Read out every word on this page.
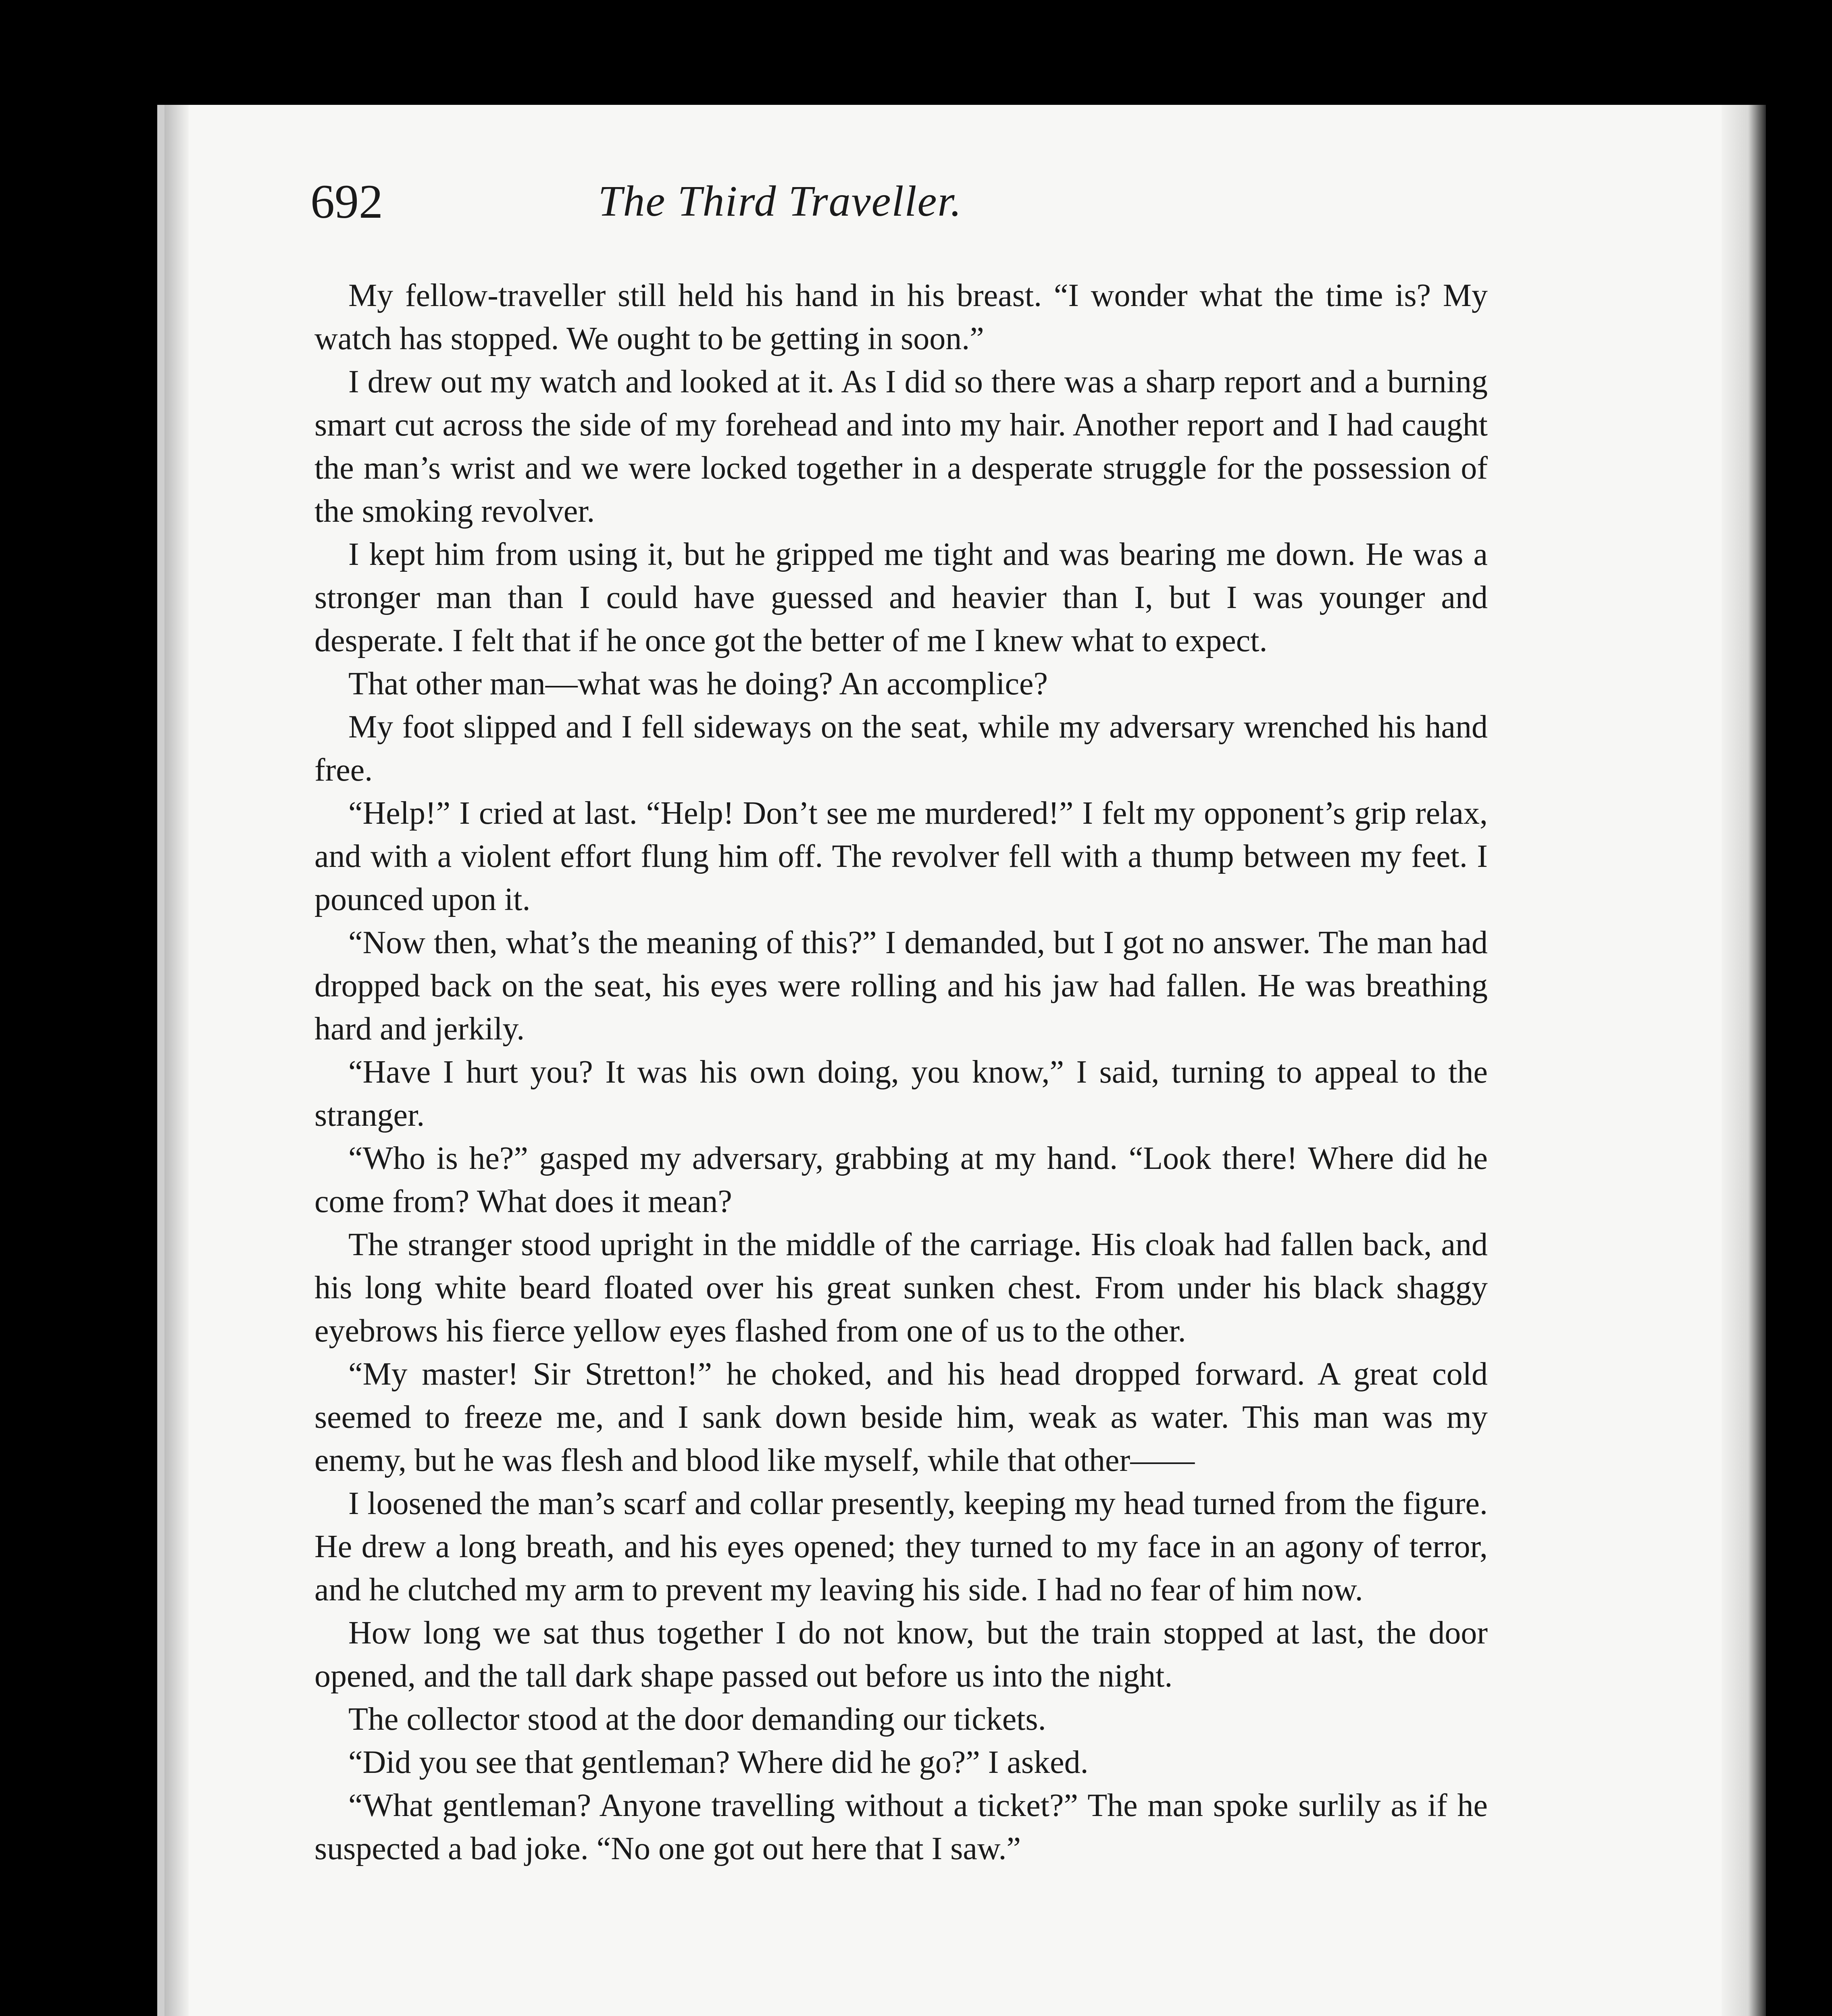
692	The Third Traveller.

My fellow-traveller still held his hand in his breast. “I wonder what the time is? My watch has stopped. We ought to be getting in soon.”

I drew out my watch and looked at it. As I did so there was a sharp report and a burning smart cut across the side of my forehead and into my hair. Another report and I had caught the man’s wrist and we were locked together in a desperate struggle for the possession of the smoking revolver.

I kept him from using it, but he gripped me tight and was bearing me down. He was a stronger man than I could have guessed and heavier than I, but I was younger and desperate. I felt that if he once got the better of me I knew what to expect.

That other man—what was he doing? An accomplice?

My foot slipped and I fell sideways on the seat, while my adversary wrenched his hand free.

“Help!” I cried at last. “Help! Don’t see me murdered!” I felt my opponent’s grip relax, and with a violent effort flung him off. The revolver fell with a thump between my feet. I pounced upon it.

“Now then, what’s the meaning of this?” I demanded, but I got no answer. The man had dropped back on the seat, his eyes were rolling and his jaw had fallen. He was breathing hard and jerkily.

“Have I hurt you? It was his own doing, you know,” I said, turning to appeal to the stranger.

“Who is he?” gasped my adversary, grabbing at my hand. “Look there! Where did he come from? What does it mean?

The stranger stood upright in the middle of the carriage. His cloak had fallen back, and his long white beard floated over his great sunken chest. From under his black shaggy eyebrows his fierce yellow eyes flashed from one of us to the other.

“My master! Sir Stretton!” he choked, and his head dropped forward. A great cold seemed to freeze me, and I sank down beside him, weak as water. This man was my enemy, but he was flesh and blood like myself, while that other——

I loosened the man’s scarf and collar presently, keeping my head turned from the figure. He drew a long breath, and his eyes opened; they turned to my face in an agony of terror, and he clutched my arm to prevent my leaving his side. I had no fear of him now.

How long we sat thus together I do not know, but the train stopped at last, the door opened, and the tall dark shape passed out before us into the night.

The collector stood at the door demanding our tickets.

“Did you see that gentleman? Where did he go?” I asked.

“What gentleman? Anyone travelling without a ticket?” The man spoke surlily as if he suspected a bad joke. “No one got out here that I saw.”
